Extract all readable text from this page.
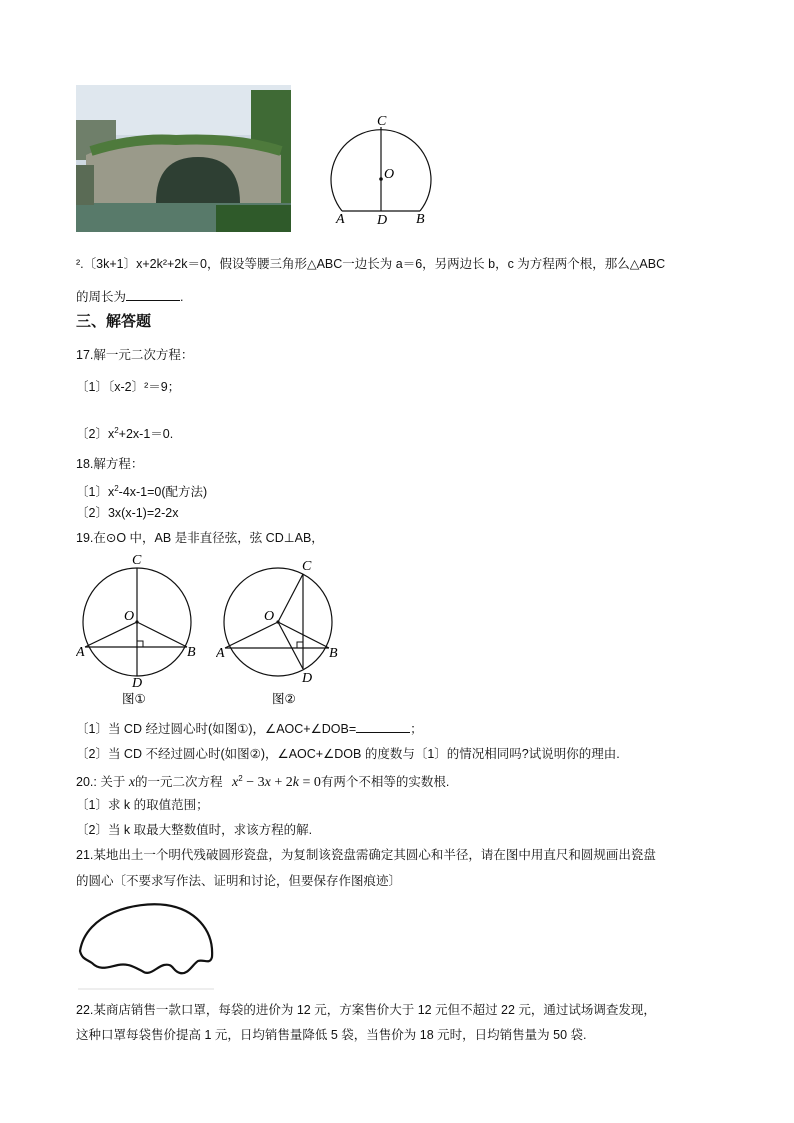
C
O
A D B
².〔3k+1〕x+2k²+2k＝0，假设等腰三角形△ABC一边长为 a＝6，另两边长 b，c 为方程两个根，那么△ABC
的周长为	.
三、解答题
17.解一元二次方程：
〔1〕〔x-2〕²＝9；
〔2〕$x^2+2x-1=0$.
18.解方程：
〔1〕$x^2-4x-1=0$(配方法)
〔2〕3x(x-1)=2-2x
19.在⊙O 中，AB 是非直径弦，弦 CD⊥AB，
C
O
A	B
D
图①
C
O
A	B
D
图②
〔1〕当 CD 经过圆心时(如图①)，∠AOC+∠DOB=	；
〔2〕当 CD 不经过圆心时(如图②)，∠AOC+∠DOB 的度数与〔1〕的情况相同吗?试说明你的理由.
20.: 关于 x的一元二次方程 $x^2 - 3x + 2k = 0$有两个不相等的实数根.
〔1〕求 k 的取值范围；
〔2〕当 k 取最大整数值时，求该方程的解.
21.某地出土一个明代残破圆形瓷盘，为复制该瓷盘需确定其圆心和半径，请在图中用直尺和圆规画出瓷盘
的圆心〔不要求写作法、证明和讨论，但要保存作图痕迹〕
22.某商店销售一款口罩，每袋的进价为 12 元，方案售价大于 12 元但不超过 22 元，通过试场调查发现，
这种口罩每袋售价提高 1 元，日均销售量降低 5 袋，当售价为 18 元时，日均销售量为 50 袋.
